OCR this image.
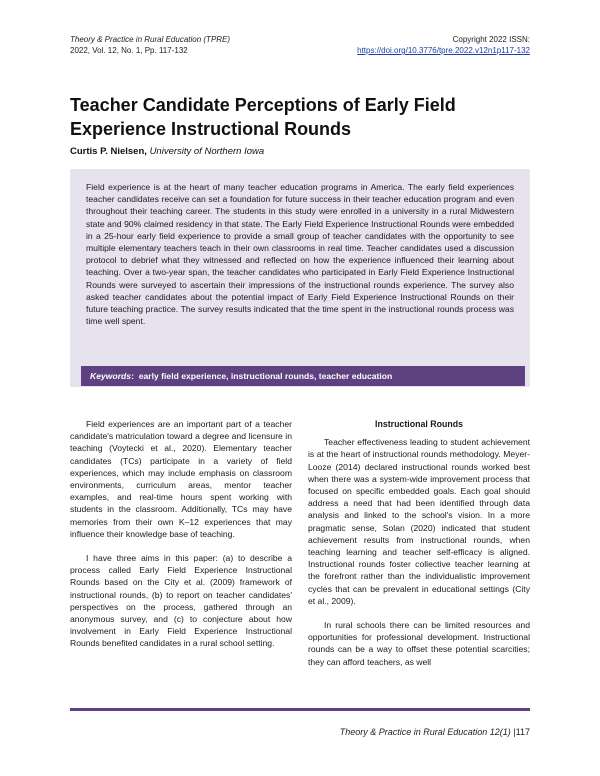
Theory & Practice in Rural Education (TPRE)
2022, Vol. 12, No. 1, Pp. 117-132
Copyright 2022 ISSN:
https://doi.org/10.3776/tpre.2022.v12n1p117-132
Teacher Candidate Perceptions of Early Field Experience Instructional Rounds
Curtis P. Nielsen, University of Northern Iowa

Field experience is at the heart of many teacher education programs in America. The early field experiences teacher candidates receive can set a foundation for future success in their teacher education program and even throughout their teaching career. The students in this study were enrolled in a university in a rural Midwestern state and 90% claimed residency in that state. The Early Field Experience Instructional Rounds were embedded in a 25-hour early field experience to provide a small group of teacher candidates with the opportunity to see multiple elementary teachers teach in their own classrooms in real time. Teacher candidates used a discussion protocol to debrief what they witnessed and reflected on how the experience influenced their learning about teaching. Over a two-year span, the teacher candidates who participated in Early Field Experience Instructional Rounds were surveyed to ascertain their impressions of the instructional rounds experience. The survey also asked teacher candidates about the potential impact of Early Field Experience Instructional Rounds on their future teaching practice. The survey results indicated that the time spent in the instructional rounds process was time well spent.

Keywords:  early field experience, instructional rounds, teacher education

Field experiences are an important part of a teacher candidate's matriculation toward a degree and licensure in teaching (Voytecki et al., 2020). Elementary teacher candidates (TCs) participate in a variety of field experiences, which may include emphasis on classroom environments, curriculum areas, mentor teacher examples, and real-time hours spent working with students in the classroom. Additionally, TCs may have memories from their own K–12 experiences that may influence their knowledge base of teaching.

I have three aims in this paper: (a) to describe a process called Early Field Experience Instructional Rounds based on the City et al. (2009) framework of instructional rounds, (b) to report on teacher candidates' perspectives on the process, gathered through an anonymous survey, and (c) to conjecture about how involvement in Early Field Experience Instructional Rounds benefited candidates in a rural school setting.

Instructional Rounds

Teacher effectiveness leading to student achievement is at the heart of instructional rounds methodology. Meyer-Looze (2014) declared instructional rounds worked best when there was a system-wide improvement process that focused on specific embedded goals. Each goal should address a need that had been identified through data analysis and linked to the school's vision. In a more pragmatic sense, Solan (2020) indicated that student achievement results from instructional rounds, when teaching learning and teacher self-efficacy is aligned. Instructional rounds foster collective teacher learning at the forefront rather than the individualistic improvement cycles that can be prevalent in educational settings (City et al., 2009).

In rural schools there can be limited resources and opportunities for professional development. Instructional rounds can be a way to offset these potential scarcities; they can afford teachers, as well

Theory & Practice in Rural Education 12(1) |117
